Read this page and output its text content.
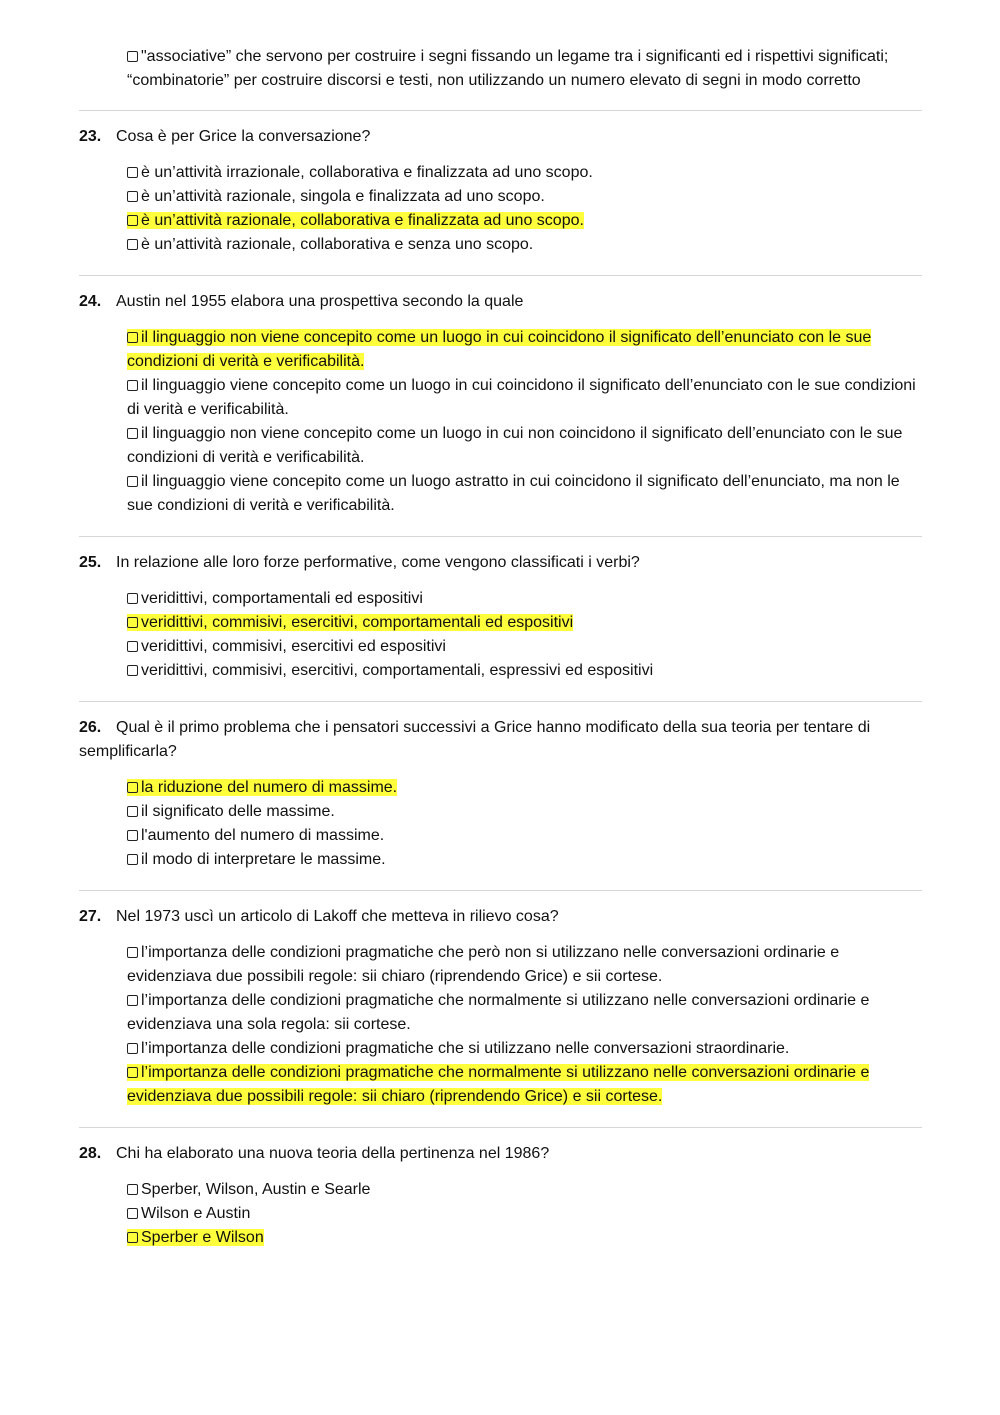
"associative” che servono per costruire i segni fissando un legame tra i significanti ed i rispettivi significati; “combinatorie” per costruire discorsi e testi, non utilizzando un numero elevato di segni in modo corretto
23. Cosa è per Grice la conversazione?
è un’attività irrazionale, collaborativa e finalizzata ad uno scopo.
è un’attività razionale, singola e finalizzata ad uno scopo.
è un’attività razionale, collaborativa e finalizzata ad uno scopo.
è un’attività razionale, collaborativa e senza uno scopo.
24. Austin nel 1955 elabora una prospettiva secondo la quale
il linguaggio non viene concepito come un luogo in cui coincidono il significato dell’enunciato con le sue condizioni di verità e verificabilità.
il linguaggio viene concepito come un luogo in cui coincidono il significato dell’enunciato con le sue condizioni di verità e verificabilità.
il linguaggio non viene concepito come un luogo in cui non coincidono il significato dell’enunciato con le sue condizioni di verità e verificabilità.
il linguaggio viene concepito come un luogo astratto in cui coincidono il significato dell’enunciato, ma non le sue condizioni di verità e verificabilità.
25. In relazione alle loro forze performative, come vengono classificati i verbi?
veridittivi, comportamentali ed espositivi
veridittivi, commisivi, esercitivi, comportamentali ed espositivi
veridittivi, commisivi, esercitivi ed espositivi
veridittivi, commisivi, esercitivi, comportamentali, espressivi ed espositivi
26. Qual è il primo problema che i pensatori successivi a Grice hanno modificato della sua teoria per tentare di semplificarla?
la riduzione del numero di massime.
il significato delle massime.
l'aumento del numero di massime.
il modo di interpretare le massime.
27. Nel 1973 uscì un articolo di Lakoff che metteva in rilievo cosa?
l’importanza delle condizioni pragmatiche che però non si utilizzano nelle conversazioni ordinarie e evidenziava due possibili regole: sii chiaro (riprendendo Grice) e sii cortese.
l’importanza delle condizioni pragmatiche che normalmente si utilizzano nelle conversazioni ordinarie e evidenziava una sola regola: sii cortese.
l’importanza delle condizioni pragmatiche che si utilizzano nelle conversazioni straordinarie.
l’importanza delle condizioni pragmatiche che normalmente si utilizzano nelle conversazioni ordinarie e evidenziava due possibili regole: sii chiaro (riprendendo Grice) e sii cortese.
28. Chi ha elaborato una nuova teoria della pertinenza nel 1986?
Sperber, Wilson, Austin e Searle
Wilson e Austin
Sperber e Wilson
